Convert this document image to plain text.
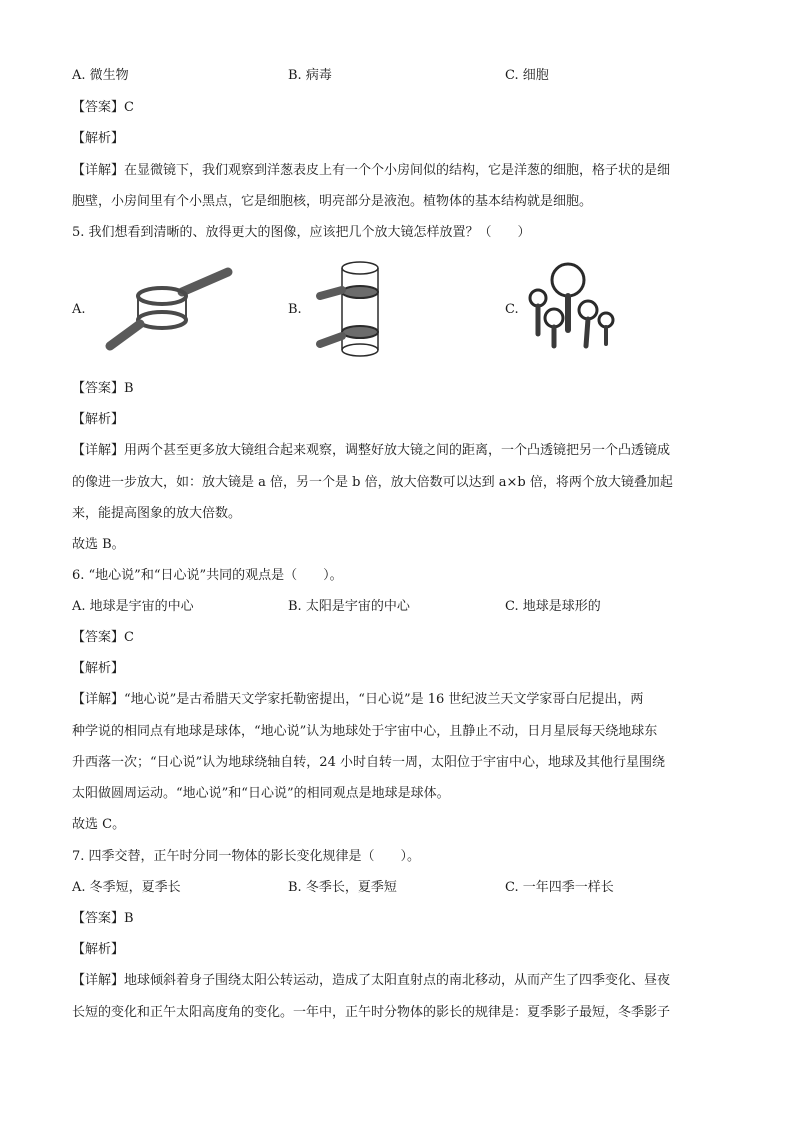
A. 微生物	B. 病毒	C. 细胞
【答案】C
【解析】
【详解】在显微镜下，我们观察到洋葱表皮上有一个个小房间似的结构，它是洋葱的细胞，格子状的是细
胞壁，小房间里有个小黑点，它是细胞核，明亮部分是液泡。植物体的基本结构就是细胞。
5. 我们想看到清晰的、放得更大的图像，应该把几个放大镜怎样放置？（　　）
A.	B.	C.
【答案】B
【解析】
【详解】用两个甚至更多放大镜组合起来观察，调整好放大镜之间的距离，一个凸透镜把另一个凸透镜成
的像进一步放大，如：放大镜是 a 倍，另一个是 b 倍，放大倍数可以达到 a×b 倍，将两个放大镜叠加起
来，能提高图象的放大倍数。
故选 B。
6. “地心说”和“日心说”共同的观点是（　　）。
A. 地球是宇宙的中心	B. 太阳是宇宙的中心	C. 地球是球形的
【答案】C
【解析】
【详解】“地心说”是古希腊天文学家托勒密提出，“日心说”是 16 世纪波兰天文学家哥白尼提出，两
种学说的相同点有地球是球体，“地心说”认为地球处于宇宙中心，且静止不动，日月星辰每天绕地球东
升西落一次；“日心说”认为地球绕轴自转，24 小时自转一周，太阳位于宇宙中心，地球及其他行星围绕
太阳做圆周运动。“地心说”和“日心说”的相同观点是地球是球体。
故选 C。
7. 四季交替，正午时分同一物体的影长变化规律是（　　）。
A. 冬季短，夏季长	B. 冬季长，夏季短	C. 一年四季一样长
【答案】B
【解析】
【详解】地球倾斜着身子围绕太阳公转运动，造成了太阳直射点的南北移动，从而产生了四季变化、昼夜
长短的变化和正午太阳高度角的变化。一年中，正午时分物体的影长的规律是：夏季影子最短，冬季影子
